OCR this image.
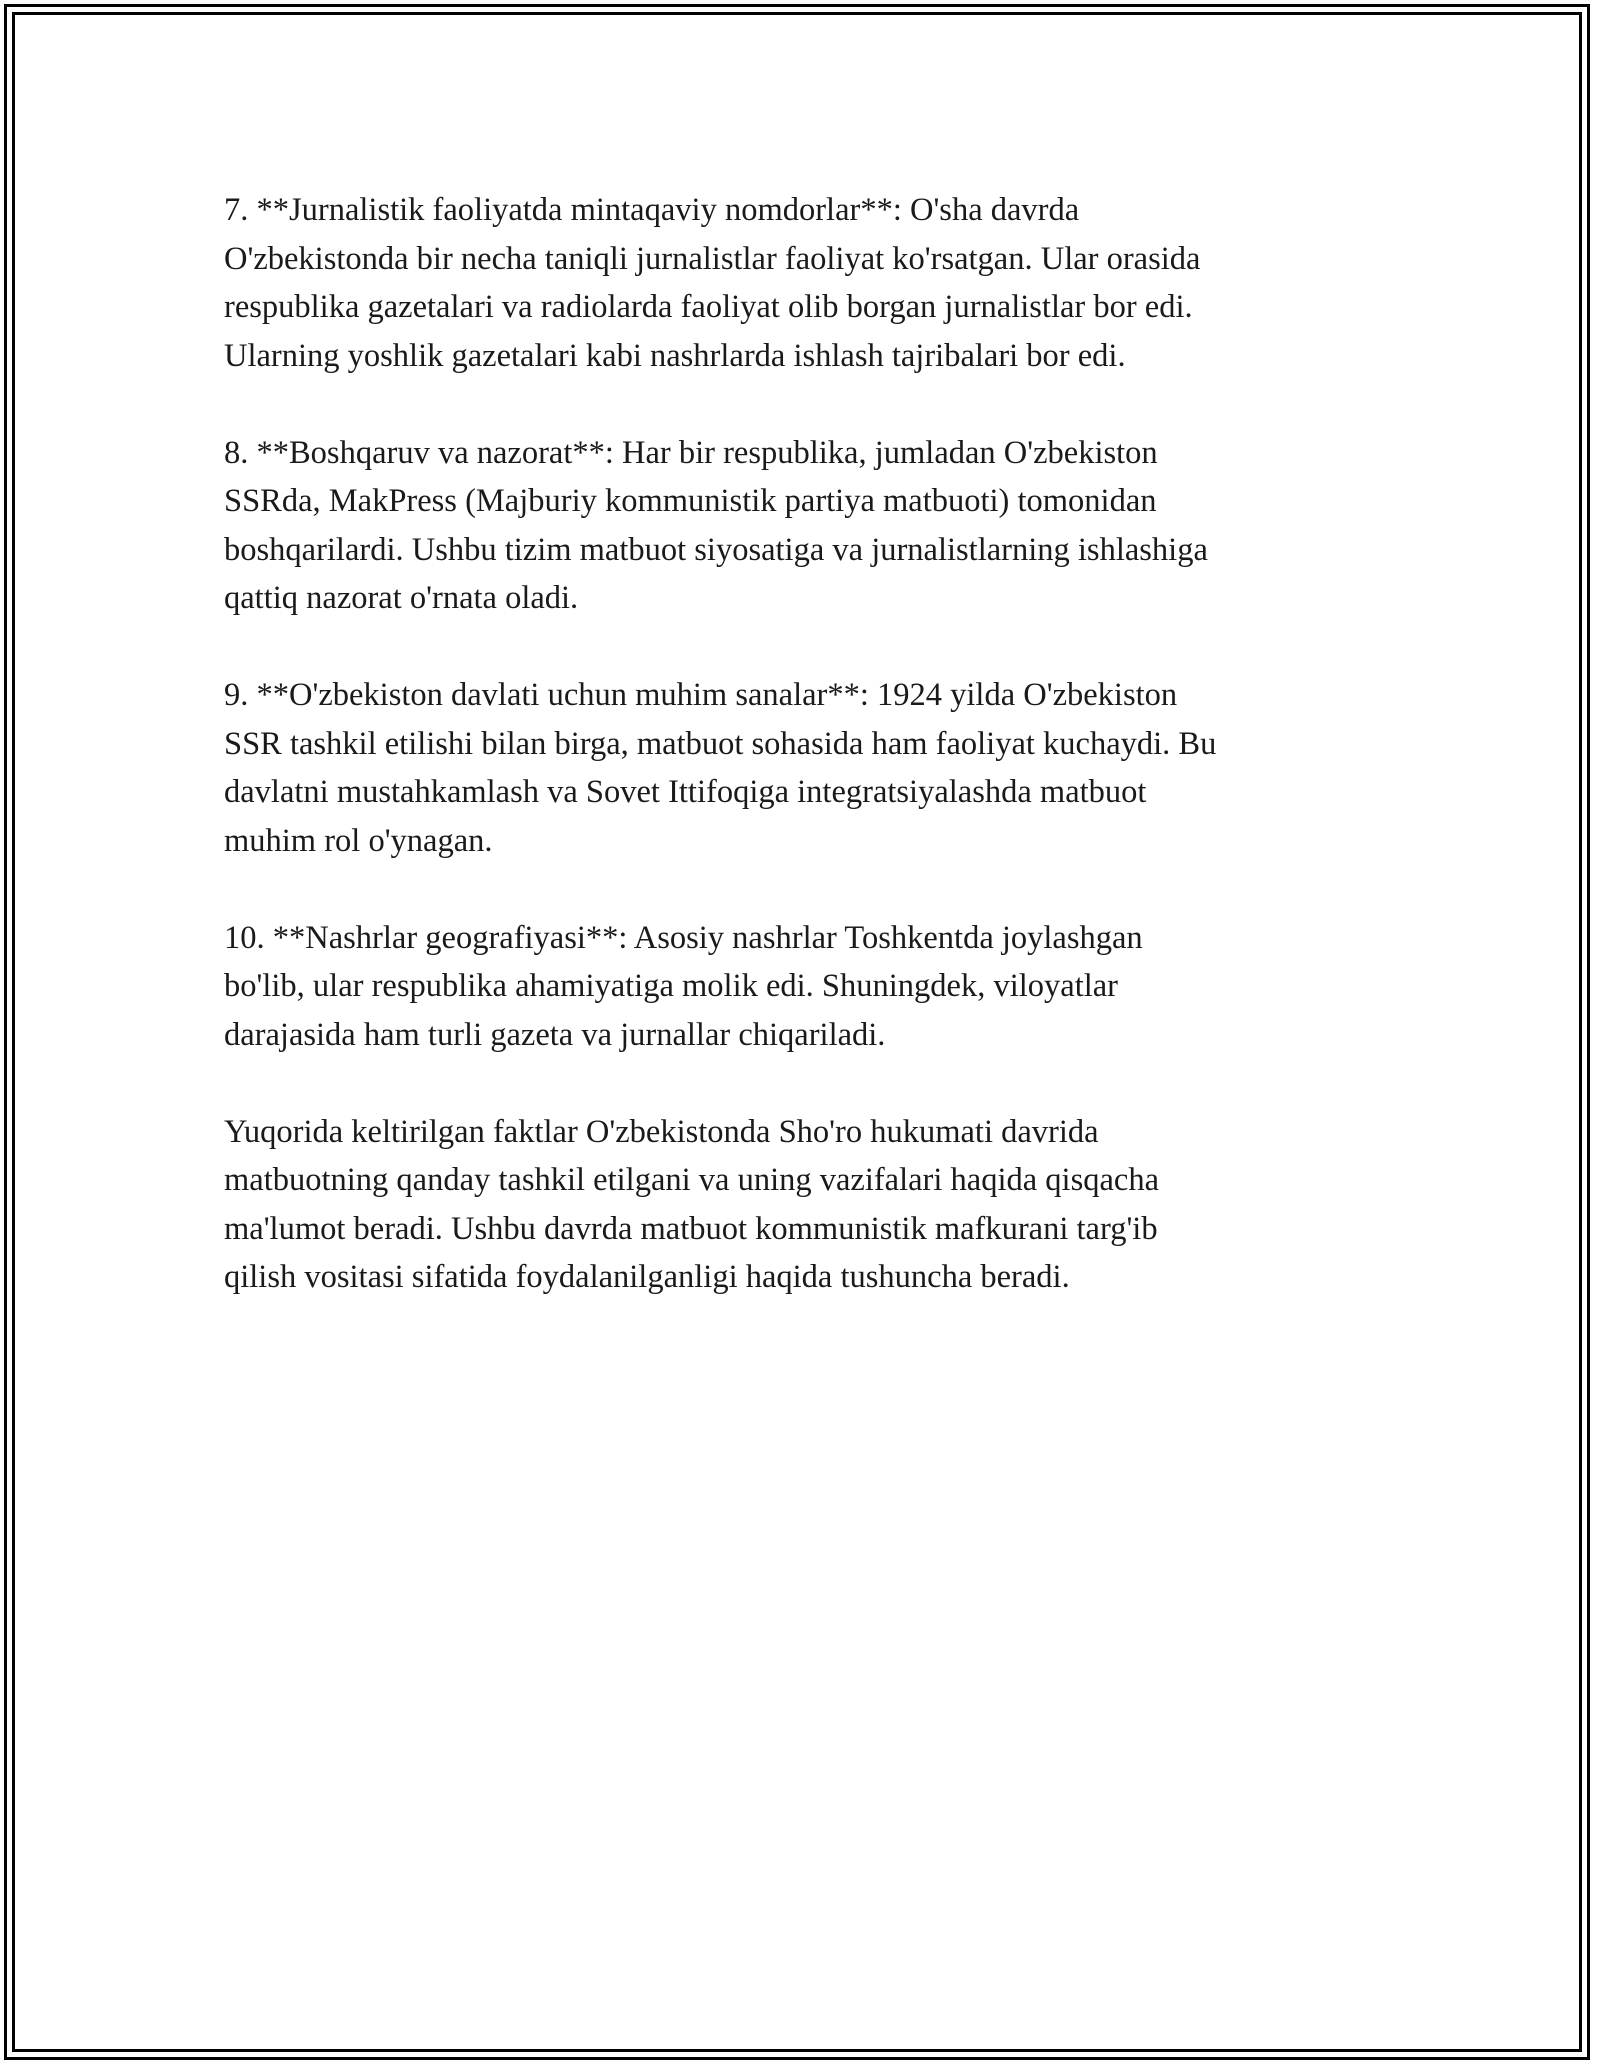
7. **Jurnalistik faoliyatda mintaqaviy nomdorlar**: O'sha davrda
O'zbekistonda bir necha taniqli jurnalistlar faoliyat ko'rsatgan. Ular orasida
respublika gazetalari va radiolarda faoliyat olib borgan jurnalistlar bor edi.
Ularning yoshlik gazetalari kabi nashrlarda ishlash tajribalari bor edi.

8. **Boshqaruv va nazorat**: Har bir respublika, jumladan O'zbekiston
SSRda, MakPress (Majburiy kommunistik partiya matbuoti) tomonidan
boshqarilardi. Ushbu tizim matbuot siyosatiga va jurnalistlarning ishlashiga
qattiq nazorat o'rnata oladi.

9. **O'zbekiston davlati uchun muhim sanalar**: 1924 yilda O'zbekiston
SSR tashkil etilishi bilan birga, matbuot sohasida ham faoliyat kuchaydi. Bu
davlatni mustahkamlash va Sovet Ittifoqiga integratsiyalashda matbuot
muhim rol o'ynagan.

10. **Nashrlar geografiyasi**: Asosiy nashrlar Toshkentda joylashgan
bo'lib, ular respublika ahamiyatiga molik edi. Shuningdek, viloyatlar
darajasida ham turli gazeta va jurnallar chiqariladi.

Yuqorida keltirilgan faktlar O'zbekistonda Sho'ro hukumati davrida
matbuotning qanday tashkil etilgani va uning vazifalari haqida qisqacha
ma'lumot beradi. Ushbu davrda matbuot kommunistik mafkurani targ'ib
qilish vositasi sifatida foydalanilganligi haqida tushuncha beradi.
